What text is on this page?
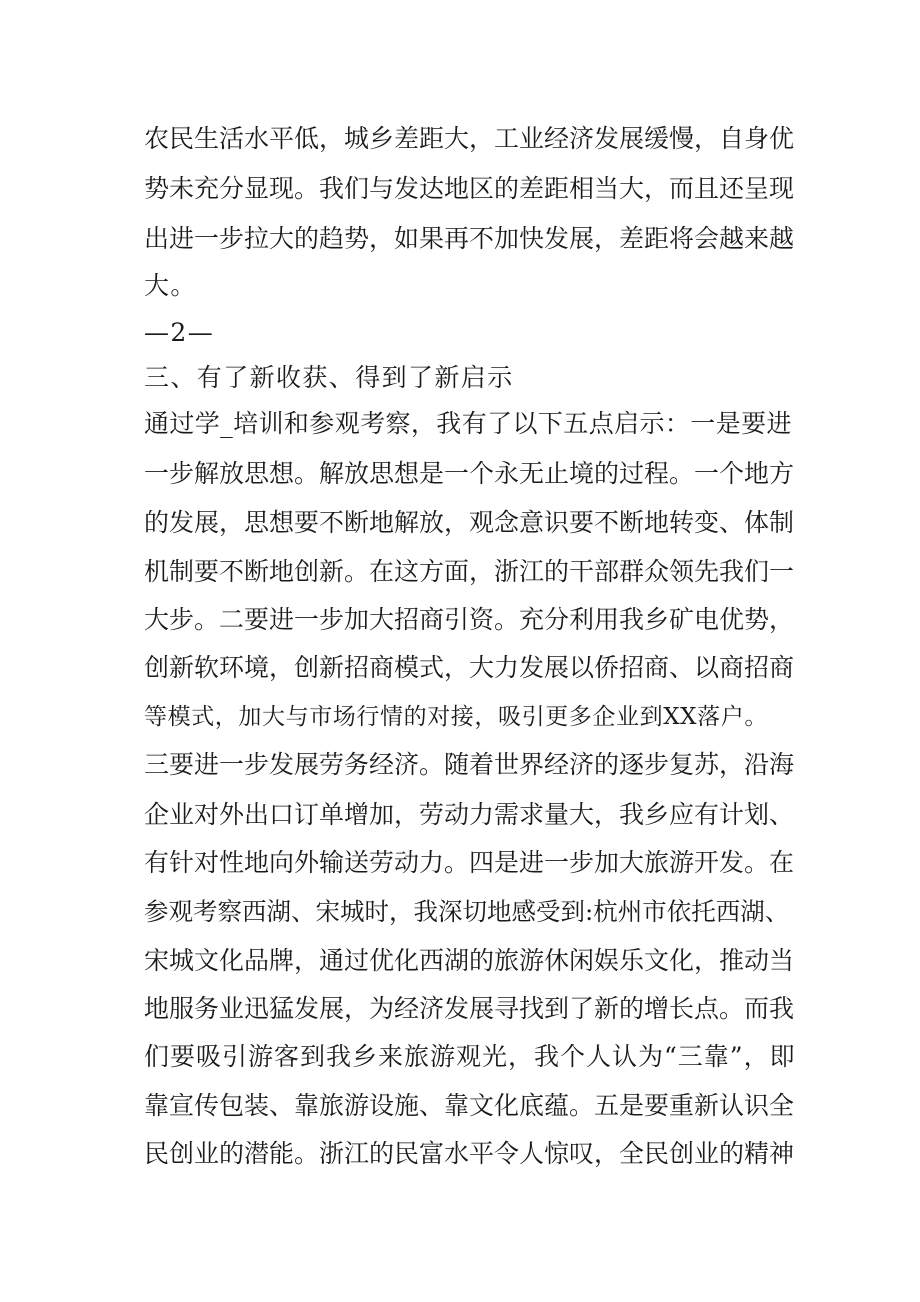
农民生活水平低，城乡差距大，工业经济发展缓慢，自身优
势未充分显现。我们与发达地区的差距相当大，而且还呈现
出进一步拉大的趋势，如果再不加快发展，差距将会越来越
大。
—2—
三、有了新收获、得到了新启示
通过学_培训和参观考察，我有了以下五点启示：一是要进
一步解放思想。解放思想是一个永无止境的过程。一个地方
的发展，思想要不断地解放，观念意识要不断地转变、体制
机制要不断地创新。在这方面，浙江的干部群众领先我们一
大步。二要进一步加大招商引资。充分利用我乡矿电优势，
创新软环境，创新招商模式，大力发展以侨招商、以商招商
等模式，加大与市场行情的对接，吸引更多企业到XX落户。
三要进一步发展劳务经济。随着世界经济的逐步复苏，沿海
企业对外出口订单增加，劳动力需求量大，我乡应有计划、
有针对性地向外输送劳动力。四是进一步加大旅游开发。在
参观考察西湖、宋城时，我深切地感受到:杭州市依托西湖、
宋城文化品牌，通过优化西湖的旅游休闲娱乐文化，推动当
地服务业迅猛发展，为经济发展寻找到了新的增长点。而我
们要吸引游客到我乡来旅游观光，我个人认为“三靠”，即
靠宣传包装、靠旅游设施、靠文化底蕴。五是要重新认识全
民创业的潜能。浙江的民富水平令人惊叹，全民创业的精神
